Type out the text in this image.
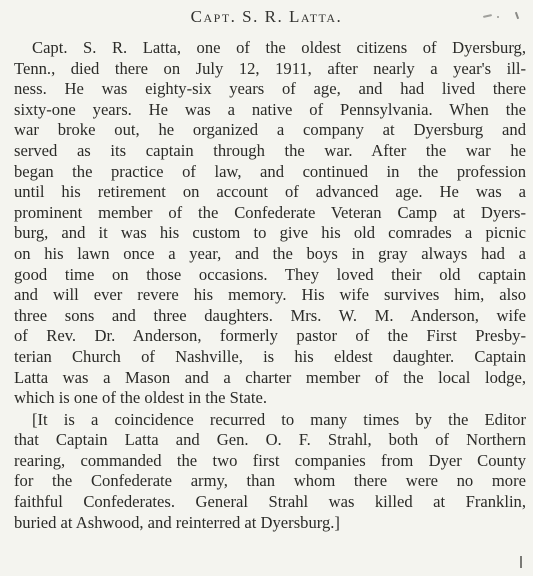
Capt. S. R. Latta.
Capt. S. R. Latta, one of the oldest citizens of Dyersburg,
Tenn., died there on July 12, 1911, after nearly a year's ill-
ness. He was eighty-six years of age, and had lived there
sixty-one years. He was a native of Pennsylvania. When the
war broke out, he organized a company at Dyersburg and
served as its captain through the war. After the war he
began the practice of law, and continued in the profession
until his retirement on account of advanced age. He was a
prominent member of the Confederate Veteran Camp at Dyers-
burg, and it was his custom to give his old comrades a picnic
on his lawn once a year, and the boys in gray always had a
good time on those occasions. They loved their old captain
and will ever revere his memory. His wife survives him, also
three sons and three daughters. Mrs. W. M. Anderson, wife
of Rev. Dr. Anderson, formerly pastor of the First Presby-
terian Church of Nashville, is his eldest daughter. Captain
Latta was a Mason and a charter member of the local lodge,
which is one of the oldest in the State.
[It is a coincidence recurred to many times by the Editor
that Captain Latta and Gen. O. F. Strahl, both of Northern
rearing, commanded the two first companies from Dyer County
for the Confederate army, than whom there were no more
faithful Confederates. General Strahl was killed at Franklin,
buried at Ashwood, and reinterred at Dyersburg.]
